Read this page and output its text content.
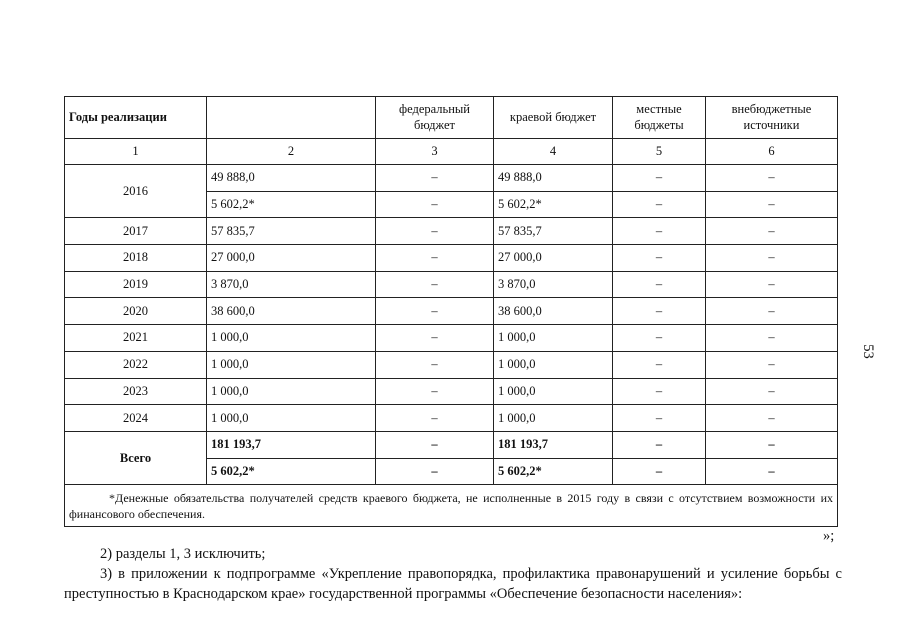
Годы реализации		федеральный бюджет	краевой бюджет	местные бюджеты	внебюджетные источники
1	2	3	4	5	6
2016	49 888,0	–	49 888,0	–	–
	5 602,2*	–	5 602,2*	–	–
2017	57 835,7	–	57 835,7	–	–
2018	27 000,0	–	27 000,0	–	–
2019	3 870,0	–	3 870,0	–	–
2020	38 600,0	–	38 600,0	–	–
2021	1 000,0	–	1 000,0	–	–
2022	1 000,0	–	1 000,0	–	–
2023	1 000,0	–	1 000,0	–	–
2024	1 000,0	–	1 000,0	–	–
Всего	181 193,7	–	181 193,7	–	–
	5 602,2*	–	5 602,2*	–	–
*Денежные обязательства получателей средств краевого бюджета, не исполненные в 2015 году в связи с отсутствием возможности их финансового обеспечения.					
»;
2) разделы 1, 3 исключить;
3) в приложении к подпрограмме «Укрепление правопорядка, профилактика правонарушений и усиление борьбы с преступностью в Краснодарском крае» государственной программы «Обеспечение безопасности населения»:
53
